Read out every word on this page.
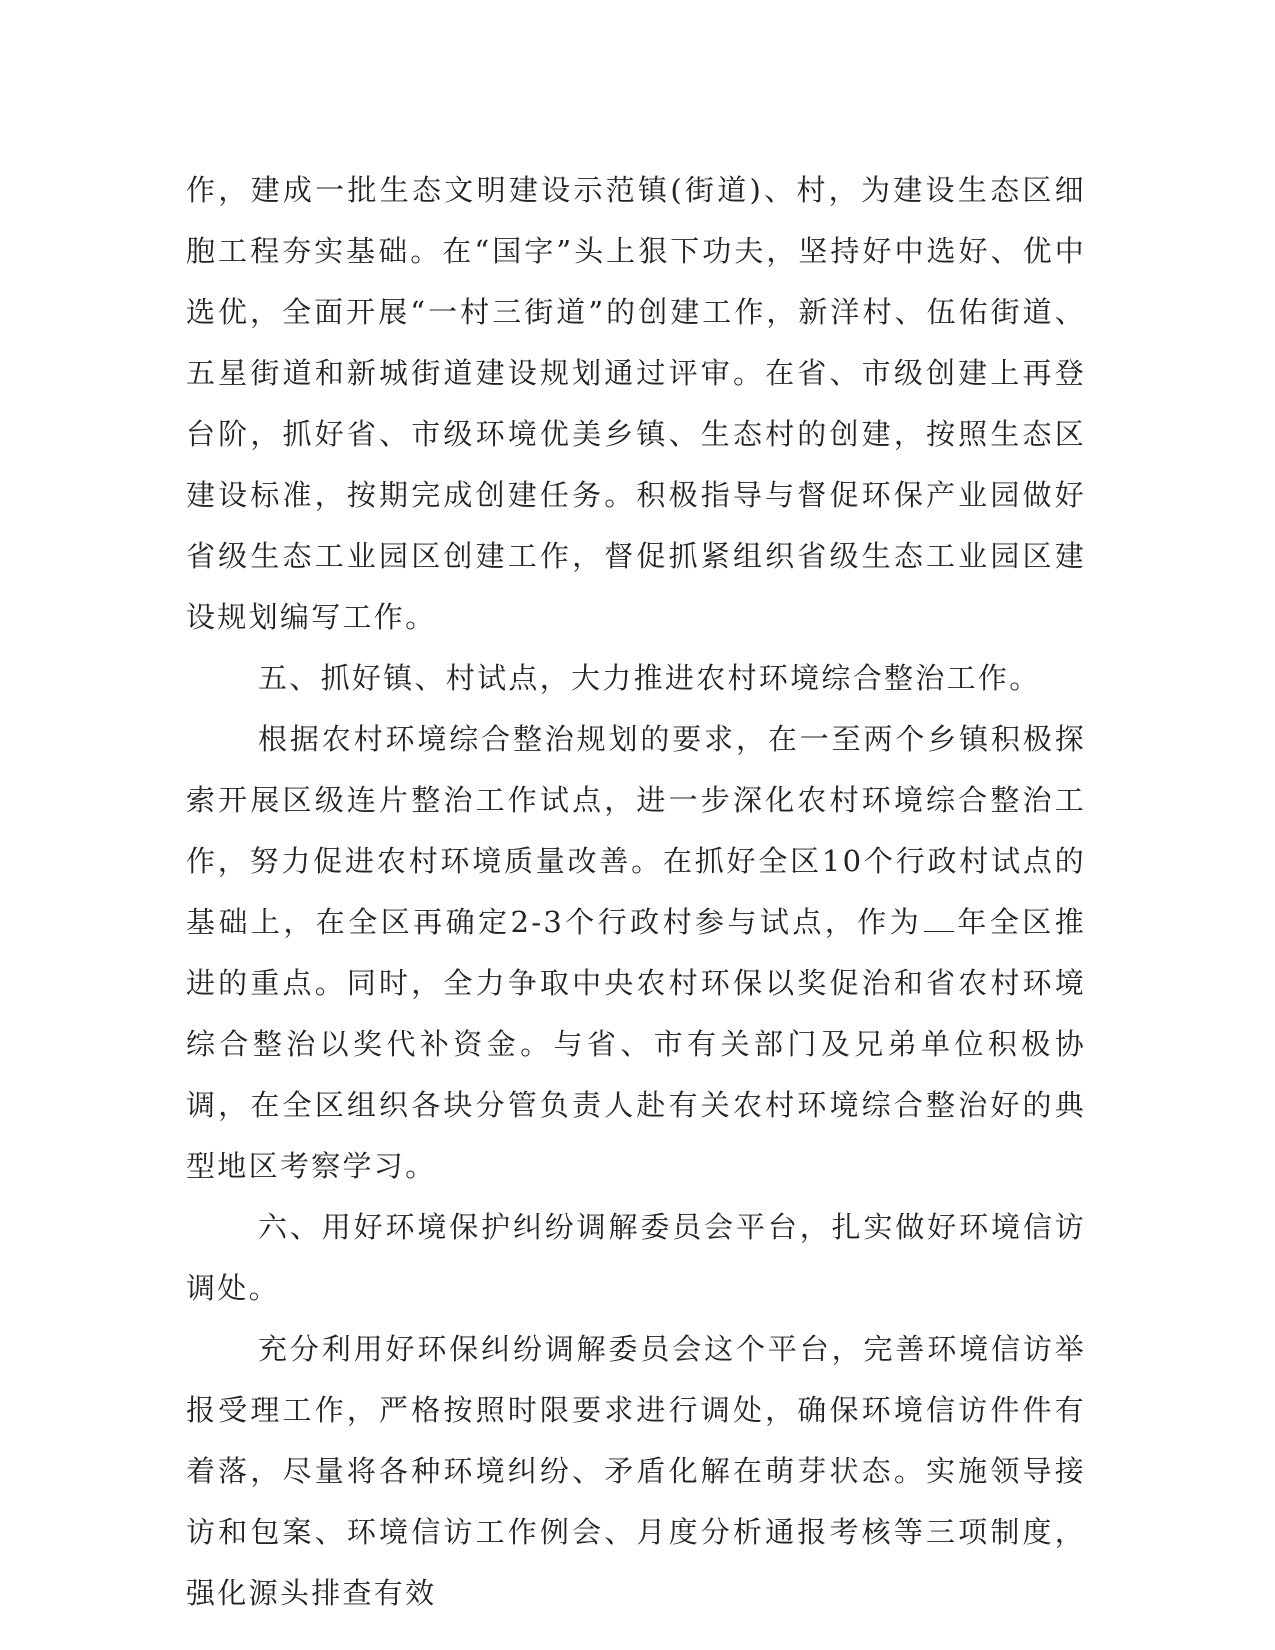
作，建成一批生态文明建设示范镇(街道)、村，为建设生态区细胞工程夯实基础。在“国字”头上狠下功夫，坚持好中选好、优中选优，全面开展“一村三街道”的创建工作，新洋村、伍佑街道、五星街道和新城街道建设规划通过评审。在省、市级创建上再登台阶，抓好省、市级环境优美乡镇、生态村的创建，按照生态区建设标准，按期完成创建任务。积极指导与督促环保产业园做好省级生态工业园区创建工作，督促抓紧组织省级生态工业园区建设规划编写工作。

五、抓好镇、村试点，大力推进农村环境综合整治工作。

根据农村环境综合整治规划的要求，在一至两个乡镇积极探索开展区级连片整治工作试点，进一步深化农村环境综合整治工作，努力促进农村环境质量改善。在抓好全区10个行政村试点的基础上，在全区再确定2-3个行政村参与试点，作为 年全区推进的重点。同时，全力争取中央农村环保以奖促治和省农村环境综合整治以奖代补资金。与省、市有关部门及兄弟单位积极协调，在全区组织各块分管负责人赴有关农村环境综合整治好的典型地区考察学习。

六、用好环境保护纠纷调解委员会平台，扎实做好环境信访调处。

充分利用好环保纠纷调解委员会这个平台，完善环境信访举报受理工作，严格按照时限要求进行调处，确保环境信访件件有着落，尽量将各种环境纠纷、矛盾化解在萌芽状态。实施领导接访和包案、环境信访工作例会、月度分析通报考核等三项制度，强化源头排查有效
